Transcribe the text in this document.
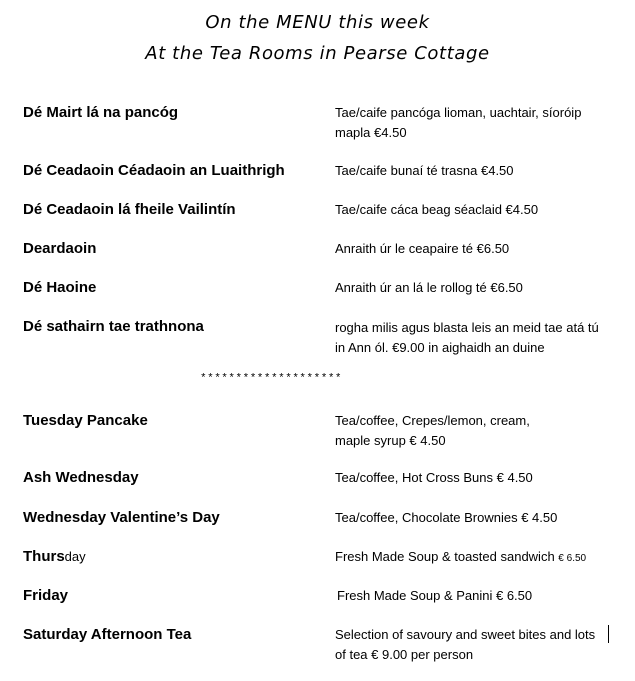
On the MENU this week
At the Tea Rooms in Pearse Cottage
Dé Mairt lá na pancóg	Tae/caife pancóga lioman, uachtair, síoróip
mapla €4.50
Dé Ceadaoin Céadaoin an Luaithrigh	Tae/caife bunaí té trasna €4.50
Dé Ceadaoin lá fheile Vailintín	Tae/caife cáca beag séaclaid €4.50
Deardaoin	Anraith úr le ceapaire té €6.50
Dé Haoine	Anraith úr an lá le rollog té €6.50
Dé sathairn tae trathnona	rogha milis agus blasta leis an meid tae atá tú
in Ann ól. €9.00 in aighaidh an duine
********************
Tuesday Pancake	Tea/coffee, Crepes/lemon, cream,
maple syrup € 4.50
Ash Wednesday	Tea/coffee, Hot Cross Buns € 4.50
Wednesday Valentine’s Day	Tea/coffee, Chocolate Brownies € 4.50
Thursday	Fresh Made Soup & toasted sandwich € 6.50
Friday	Fresh Made Soup & Panini € 6.50
Saturday Afternoon Tea	Selection of savoury and sweet bites and lots
of tea € 9.00 per person
